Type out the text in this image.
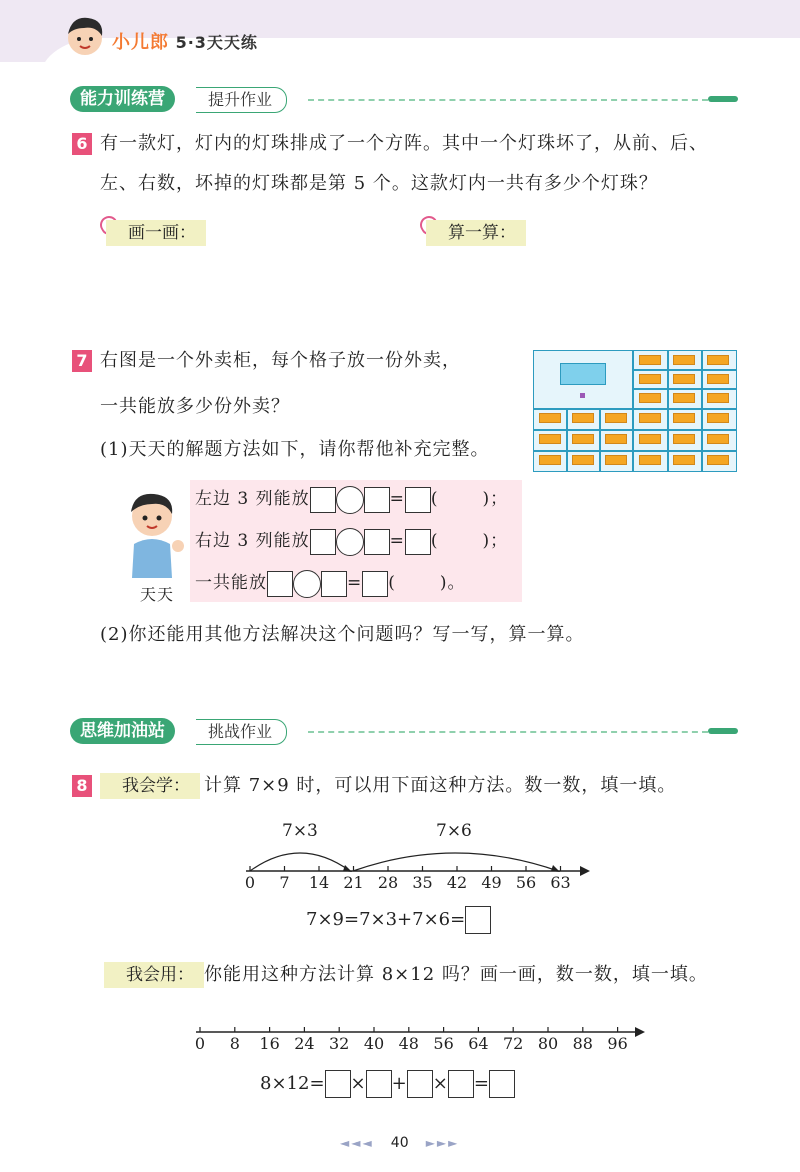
小儿郎 5·3天天练
能力训练营	提升作业
6 有一款灯，灯内的灯珠排成了一个方阵。其中一个灯珠坏了，从前、后、
左、右数，坏掉的灯珠都是第 5 个。这款灯内一共有多少个灯珠？
画一画：	算一算：
7 右图是一个外卖柜，每个格子放一份外卖，
一共能放多少份外卖？
(1)天天的解题方法如下，请你帮他补充完整。
天天
左边 3 列能放	= (	)；
右边 3 列能放	= (	)；
一共能放	= (	)。
(2)你还能用其他方法解决这个问题吗？写一写，算一算。
思维加油站	挑战作业
8	我会学： 计算 7×9 时，可以用下面这种方法。数一数，填一填。
7×3	7×6
0	7	14 21 28 35 42 49 56 63
7×9=7×3+7×6=
我会用： 你能用这种方法计算 8×12 吗？画一画，数一数，填一填。
0	8	16 24 32 40 48 56 64 72 80 88 96
8×12= × + × =
◄◄◄ 40 ►►►
